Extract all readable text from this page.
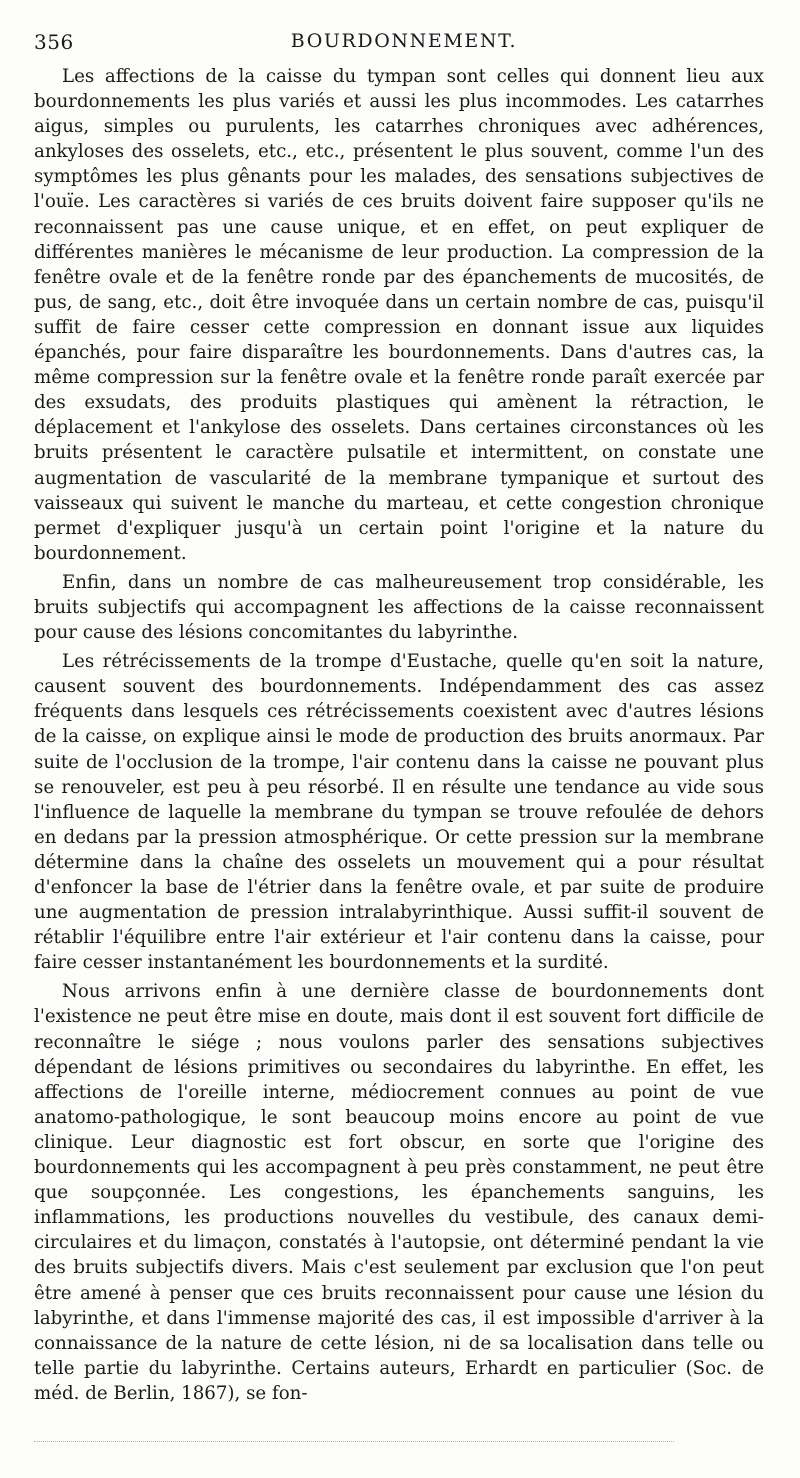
356	BOURDONNEMENT.

Les affections de la caisse du tympan sont celles qui donnent lieu aux bourdonnements les plus variés et aussi les plus incommodes. Les catarrhes aigus, simples ou purulents, les catarrhes chroniques avec adhérences, ankyloses des osselets, etc., etc., présentent le plus souvent, comme l'un des symptômes les plus gênants pour les malades, des sensations subjectives de l'ouïe. Les caractères si variés de ces bruits doivent faire supposer qu'ils ne reconnaissent pas une cause unique, et en effet, on peut expliquer de différentes manières le mécanisme de leur production. La compression de la fenêtre ovale et de la fenêtre ronde par des épanchements de mucosités, de pus, de sang, etc., doit être invoquée dans un certain nombre de cas, puisqu'il suffit de faire cesser cette compression en donnant issue aux liquides épanchés, pour faire disparaître les bourdonnements. Dans d'autres cas, la même compression sur la fenêtre ovale et la fenêtre ronde paraît exercée par des exsudats, des produits plastiques qui amènent la rétraction, le déplacement et l'ankylose des osselets. Dans certaines circonstances où les bruits présentent le caractère pulsatile et intermittent, on constate une augmentation de vascularité de la membrane tympanique et surtout des vaisseaux qui suivent le manche du marteau, et cette congestion chronique permet d'expliquer jusqu'à un certain point l'origine et la nature du bourdonnement.

Enfin, dans un nombre de cas malheureusement trop considérable, les bruits subjectifs qui accompagnent les affections de la caisse reconnaissent pour cause des lésions concomitantes du labyrinthe.

Les rétrécissements de la trompe d'Eustache, quelle qu'en soit la nature, causent souvent des bourdonnements. Indépendamment des cas assez fréquents dans lesquels ces rétrécissements coexistent avec d'autres lésions de la caisse, on explique ainsi le mode de production des bruits anormaux. Par suite de l'occlusion de la trompe, l'air contenu dans la caisse ne pouvant plus se renouveler, est peu à peu résorbé. Il en résulte une tendance au vide sous l'influence de laquelle la membrane du tympan se trouve refoulée de dehors en dedans par la pression atmosphérique. Or cette pression sur la membrane détermine dans la chaîne des osselets un mouvement qui a pour résultat d'enfoncer la base de l'étrier dans la fenêtre ovale, et par suite de produire une augmentation de pression intralabyrinthique. Aussi suffit-il souvent de rétablir l'équilibre entre l'air extérieur et l'air contenu dans la caisse, pour faire cesser instantanément les bourdonnements et la surdité.

Nous arrivons enfin à une dernière classe de bourdonnements dont l'existence ne peut être mise en doute, mais dont il est souvent fort difficile de reconnaître le siége ; nous voulons parler des sensations subjectives dépendant de lésions primitives ou secondaires du labyrinthe. En effet, les affections de l'oreille interne, médiocrement connues au point de vue anatomo-pathologique, le sont beaucoup moins encore au point de vue clinique. Leur diagnostic est fort obscur, en sorte que l'origine des bourdonnements qui les accompagnent à peu près constamment, ne peut être que soupçonnée. Les congestions, les épanchements sanguins, les inflammations, les productions nouvelles du vestibule, des canaux demi-circulaires et du limaçon, constatés à l'autopsie, ont déterminé pendant la vie des bruits subjectifs divers. Mais c'est seulement par exclusion que l'on peut être amené à penser que ces bruits reconnaissent pour cause une lésion du labyrinthe, et dans l'immense majorité des cas, il est impossible d'arriver à la connaissance de la nature de cette lésion, ni de sa localisation dans telle ou telle partie du labyrinthe. Certains auteurs, Erhardt en particulier (Soc. de méd. de Berlin, 1867), se fon-
